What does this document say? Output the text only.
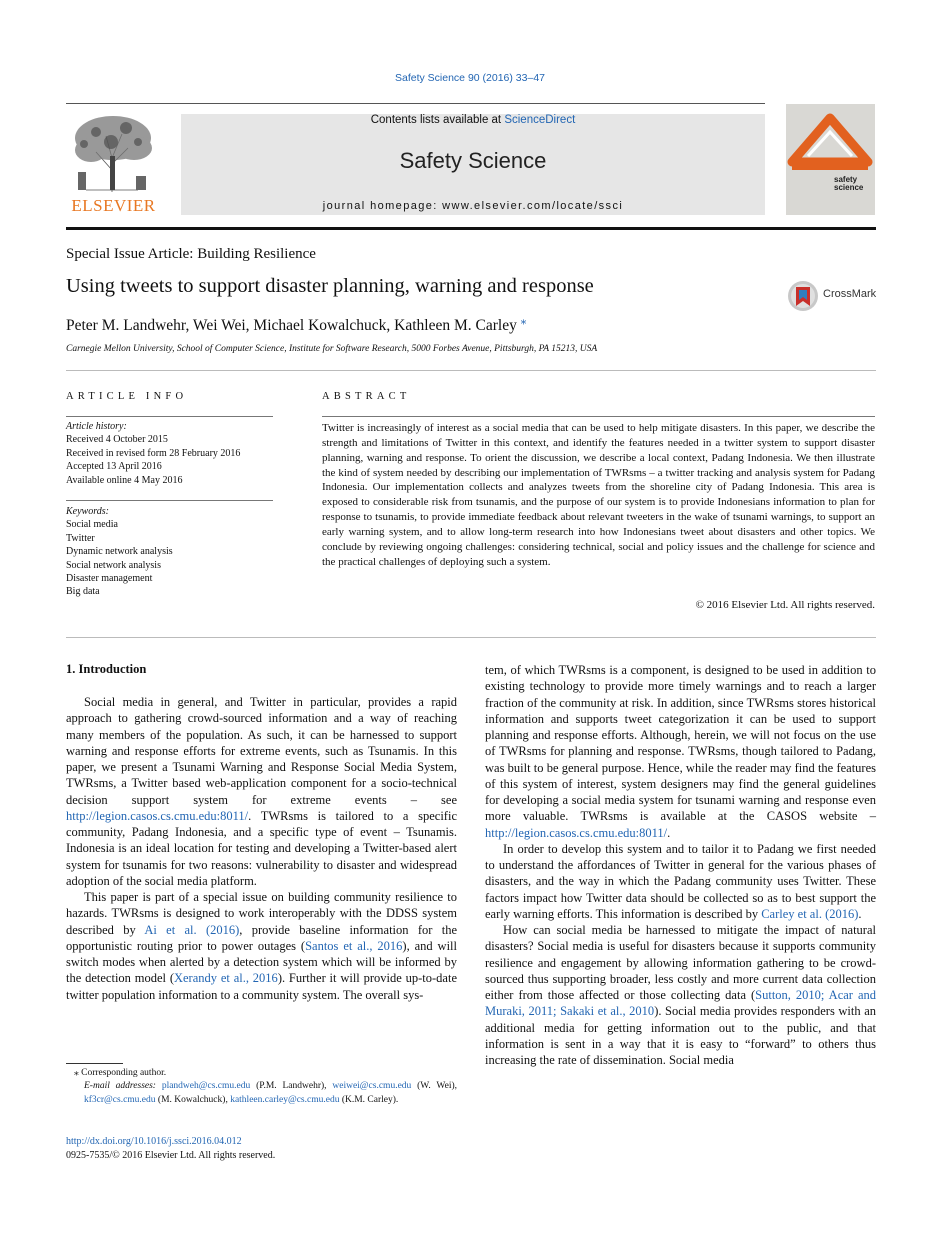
Safety Science 90 (2016) 33–47
ELSEVIER
Contents lists available at ScienceDirect
Safety Science
journal homepage: www.elsevier.com/locate/ssci
safety
science
Special Issue Article: Building Resilience
Using tweets to support disaster planning, warning and response	CrossMark
Peter M. Landwehr, Wei Wei, Michael Kowalchuck, Kathleen M. Carley ⁎
Carnegie Mellon University, School of Computer Science, Institute for Software Research, 5000 Forbes Avenue, Pittsburgh, PA 15213, USA
ARTICLE INFO	ABSTRACT
Article history:
Received 4 October 2015
Received in revised form 28 February 2016
Accepted 13 April 2016
Available online 4 May 2016
Keywords:
Social media
Twitter
Dynamic network analysis
Social network analysis
Disaster management
Big data
Twitter is increasingly of interest as a social media that can be used to help mitigate disasters. In this paper, we describe the strength and limitations of Twitter in this context, and identify the features needed in a twitter system to support disaster planning, warning and response. To orient the discussion, we describe a local context, Padang Indonesia. We then illustrate the kind of system needed by describing our implementation of TWRsms – a twitter tracking and analysis system for Padang Indonesia. Our implementation collects and analyzes tweets from the shoreline city of Padang Indonesia. This area is exposed to considerable risk from tsunamis, and the purpose of our system is to provide Indonesians information to plan for response to tsunamis, to provide immediate feedback about relevant tweeters in the wake of tsunami warnings, to support an early warning system, and to allow long-term research into how Indonesians tweet about disasters and other topics. We conclude by reviewing ongoing challenges: considering technical, social and policy issues and the challenge for science and the practical challenges of deploying such a system.
© 2016 Elsevier Ltd. All rights reserved.
1. Introduction

Social media in general, and Twitter in particular, provides a rapid approach to gathering crowd-sourced information and a way of reaching many members of the population. As such, it can be harnessed to support warning and response efforts for extreme events, such as Tsunamis. In this paper, we present a Tsunami Warning and Response Social Media System, TWRsms, a Twitter based web-application component for a socio-technical decision support system for extreme events – see http://legion.casos.cs.cmu.edu:8011/. TWRsms is tailored to a specific community, Padang Indonesia, and a specific type of event – Tsunamis. Indonesia is an ideal location for testing and developing a Twitter-based alert system for tsunamis for two reasons: vulnerability to disaster and widespread adoption of the social media platform.

This paper is part of a special issue on building community resilience to hazards. TWRsms is designed to work interoperably with the DDSS system described by Ai et al. (2016), provide baseline information for the opportunistic routing prior to power outages (Santos et al., 2016), and will switch modes when alerted by a detection system which will be informed by the detection model (Xerandy et al., 2016). Further it will provide up-to-date twitter population information to a community system. The overall sys-

tem, of which TWRsms is a component, is designed to be used in addition to existing technology to provide more timely warnings and to reach a larger fraction of the community at risk. In addition, since TWRsms stores historical information and supports tweet categorization it can be used to support planning and response efforts. Although, herein, we will not focus on the use of TWRsms for planning and response. TWRsms, though tailored to Padang, was built to be general purpose. Hence, while the reader may find the features of this system of interest, system designers may find the general guidelines for developing a social media system for tsunami warning and response even more valuable. TWRsms is available at the CASOS website – http://legion.casos.cs.cmu.edu:8011/.

In order to develop this system and to tailor it to Padang we first needed to understand the affordances of Twitter in general for the various phases of disasters, and the way in which the Padang community uses Twitter. These factors impact how Twitter data should be collected so as to best support the early warning efforts. This information is described by Carley et al. (2016).

How can social media be harnessed to mitigate the impact of natural disasters? Social media is useful for disasters because it supports community resilience and engagement by allowing information gathering to be crowd-sourced thus supporting broader, less costly and more current data collection either from those affected or those collecting data (Sutton, 2010; Acar and Muraki, 2011; Sakaki et al., 2010). Social media provides responders with an additional media for getting information out to the public, and that information is sent in a way that it is easy to “forward” to others thus increasing the rate of dissemination. Social media

⁎ Corresponding author.
E-mail addresses: plandweh@cs.cmu.edu (P.M. Landwehr), weiwei@cs.cmu.edu (W. Wei), kf3cr@cs.cmu.edu (M. Kowalchuck), kathleen.carley@cs.cmu.edu (K.M. Carley).
http://dx.doi.org/10.1016/j.ssci.2016.04.012
0925-7535/© 2016 Elsevier Ltd. All rights reserved.
